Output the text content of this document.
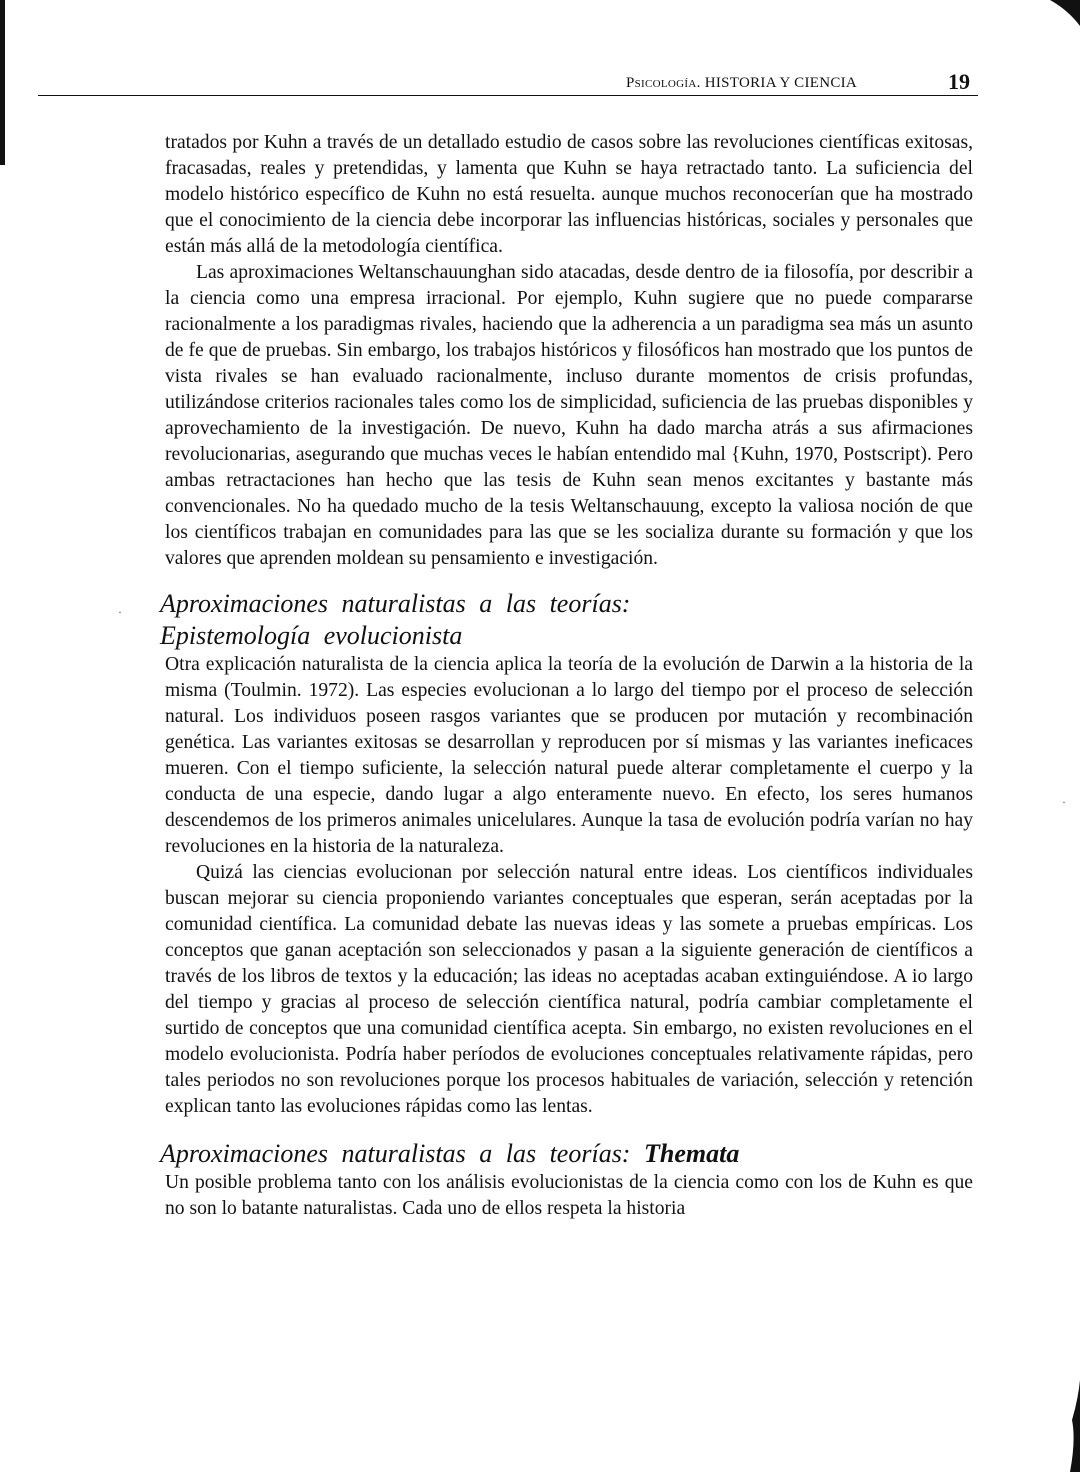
·
·
Psicología. HISTORIA Y CIENCIA	19

tratados por Kuhn a través de un detallado estudio de casos sobre las revoluciones científicas exitosas, fracasadas, reales y pretendidas, y lamenta que Kuhn se haya retractado tanto. La suficiencia del modelo histórico específico de Kuhn no está resuelta. aunque muchos reconocerían que ha mostrado que el conocimiento de la ciencia debe incorporar las influencias históricas, sociales y personales que están más allá de la metodología científica.

Las aproximaciones Weltanschauunghan sido atacadas, desde dentro de ia filosofía, por describir a la ciencia como una empresa irracional. Por ejemplo, Kuhn sugiere que no puede compararse racionalmente a los paradigmas rivales, haciendo que la adherencia a un paradigma sea más un asunto de fe que de pruebas. Sin embargo, los trabajos históricos y filosóficos han mostrado que los puntos de vista rivales se han evaluado racionalmente, incluso durante momentos de crisis profundas, utilizándose criterios racionales tales como los de simplicidad, suficiencia de las pruebas disponibles y aprovechamiento de la investigación. De nuevo, Kuhn ha dado marcha atrás a sus afirmaciones revolucionarias, asegurando que muchas veces le habían entendido mal {Kuhn, 1970, Postscript). Pero ambas retractaciones han hecho que las tesis de Kuhn sean menos excitantes y bastante más convencionales. No ha quedado mucho de la tesis Weltanschauung, excepto la valiosa noción de que los científicos trabajan en comunidades para las que se les socializa durante su formación y que los valores que aprenden moldean su pensamiento e investigación.

Aproximaciones naturalistas a las teorías:
Epistemología evolucionista

Otra explicación naturalista de la ciencia aplica la teoría de la evolución de Darwin a la historia de la misma (Toulmin. 1972). Las especies evolucionan a lo largo del tiempo por el proceso de selección natural. Los individuos poseen rasgos variantes que se producen por mutación y recombinación genética. Las variantes exitosas se desarrollan y reproducen por sí mismas y las variantes ineficaces mueren. Con el tiempo suficiente, la selección natural puede alterar completamente el cuerpo y la conducta de una especie, dando lugar a algo enteramente nuevo. En efecto, los seres humanos descendemos de los primeros animales unicelulares. Aunque la tasa de evolución podría varían no hay revoluciones en la historia de la naturaleza.

Quizá las ciencias evolucionan por selección natural entre ideas. Los científicos individuales buscan mejorar su ciencia proponiendo variantes conceptuales que esperan, serán aceptadas por la comunidad científica. La comunidad debate las nuevas ideas y las somete a pruebas empíricas. Los conceptos que ganan aceptación son seleccionados y pasan a la siguiente generación de científicos a través de los libros de textos y la educación; las ideas no aceptadas acaban extinguiéndose. A io largo del tiempo y gracias al proceso de selección científica natural, podría cambiar completamente el surtido de conceptos que una comunidad científica acepta. Sin embargo, no existen revoluciones en el modelo evolucionista. Podría haber períodos de evoluciones conceptuales relativamente rápidas, pero tales periodos no son revoluciones porque los procesos habituales de variación, selección y retención explican tanto las evoluciones rápidas como las lentas.

Aproximaciones naturalistas a las teorías: Themata

Un posible problema tanto con los análisis evolucionistas de la ciencia como con los de Kuhn es que no son lo batante naturalistas. Cada uno de ellos respeta la historia
